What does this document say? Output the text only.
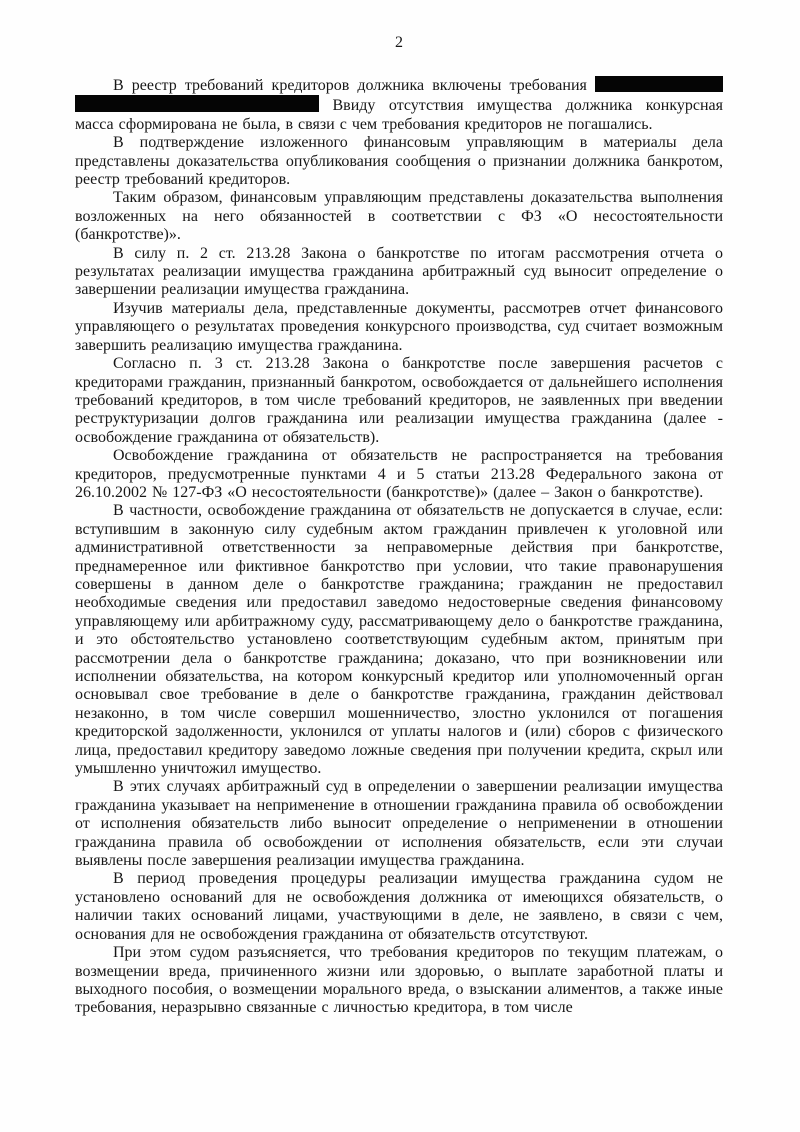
2

В реестр требований кредиторов должника включены требования   Ввиду отсутствия имущества должника конкурсная масса сформирована не была, в связи с чем требования кредиторов не погашались.

В подтверждение изложенного финансовым управляющим в материалы дела представлены доказательства опубликования сообщения о признании должника банкротом, реестр требований кредиторов.

Таким образом, финансовым управляющим представлены доказательства выполнения возложенных на него обязанностей в соответствии с ФЗ «О несостоятельности (банкротстве)».

В силу п. 2 ст. 213.28 Закона о банкротстве по итогам рассмотрения отчета о результатах реализации имущества гражданина арбитражный суд выносит определение о завершении реализации имущества гражданина.

Изучив материалы дела, представленные документы, рассмотрев отчет финансового управляющего о результатах проведения конкурсного производства, суд считает возможным завершить реализацию имущества гражданина.

Согласно п. 3 ст. 213.28 Закона о банкротстве после завершения расчетов с кредиторами гражданин, признанный банкротом, освобождается от дальнейшего исполнения требований кредиторов, в том числе требований кредиторов, не заявленных при введении реструктуризации долгов гражданина или реализации имущества гражданина (далее - освобождение гражданина от обязательств).

Освобождение гражданина от обязательств не распространяется на требования кредиторов, предусмотренные пунктами 4 и 5 статьи 213.28 Федерального закона от 26.10.2002 № 127-ФЗ «О несостоятельности (банкротстве)» (далее – Закон о банкротстве).

В частности, освобождение гражданина от обязательств не допускается в случае, если: вступившим в законную силу судебным актом гражданин привлечен к уголовной или административной ответственности за неправомерные действия при банкротстве, преднамеренное или фиктивное банкротство при условии, что такие правонарушения совершены в данном деле о банкротстве гражданина; гражданин не предоставил необходимые сведения или предоставил заведомо недостоверные сведения финансовому управляющему или арбитражному суду, рассматривающему дело о банкротстве гражданина, и это обстоятельство установлено соответствующим судебным актом, принятым при рассмотрении дела о банкротстве гражданина; доказано, что при возникновении или исполнении обязательства, на котором конкурсный кредитор или уполномоченный орган основывал свое требование в деле о банкротстве гражданина, гражданин действовал незаконно, в том числе совершил мошенничество, злостно уклонился от погашения кредиторской задолженности, уклонился от уплаты налогов и (или) сборов с физического лица, предоставил кредитору заведомо ложные сведения при получении кредита, скрыл или умышленно уничтожил имущество.

В этих случаях арбитражный суд в определении о завершении реализации имущества гражданина указывает на неприменение в отношении гражданина правила об освобождении от исполнения обязательств либо выносит определение о неприменении в отношении гражданина правила об освобождении от исполнения обязательств, если эти случаи выявлены после завершения реализации имущества гражданина.

В период проведения процедуры реализации имущества гражданина судом не установлено оснований для не освобождения должника от имеющихся обязательств, о наличии таких оснований лицами, участвующими в деле, не заявлено, в связи с чем, основания для не освобождения гражданина от обязательств отсутствуют.

При этом судом разъясняется, что требования кредиторов по текущим платежам, о возмещении вреда, причиненного жизни или здоровью, о выплате заработной платы и выходного пособия, о возмещении морального вреда, о взыскании алиментов, а также иные требования, неразрывно связанные с личностью кредитора, в том числе
